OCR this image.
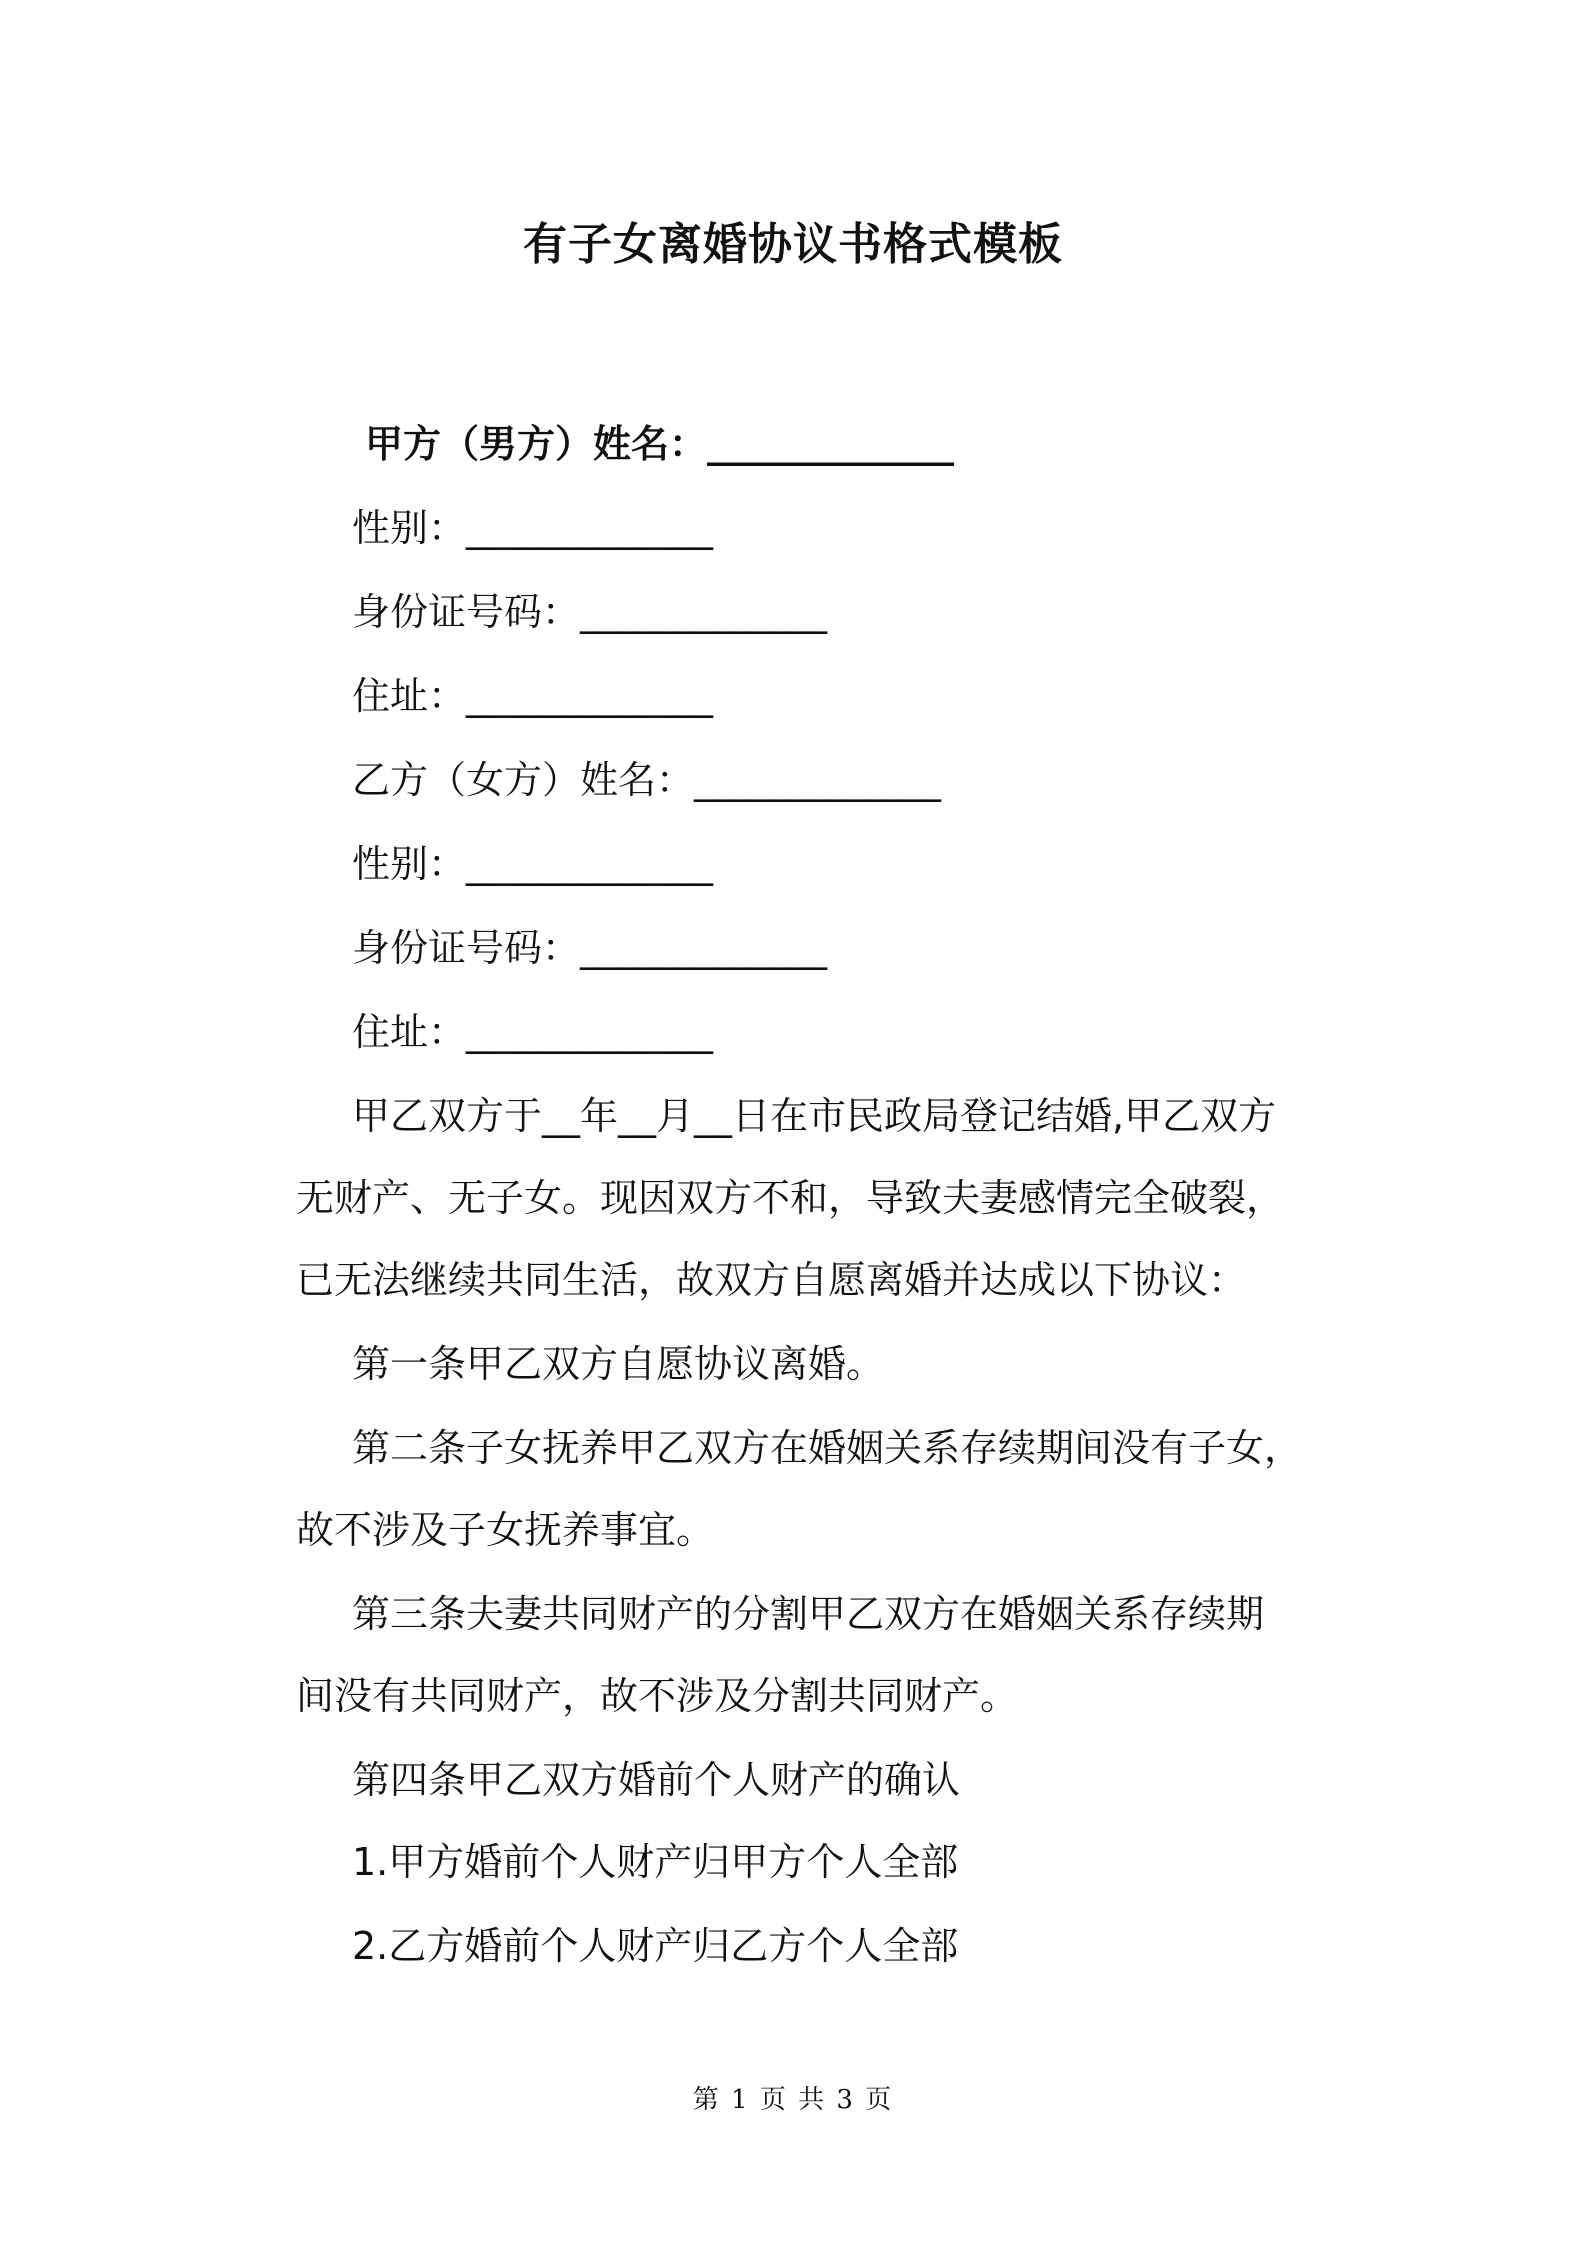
有子女离婚协议书格式模板
甲方（男方）姓名：_____________
性别：_____________
身份证号码：_____________
住址：_____________
乙方（女方）姓名：_____________
性别：_____________
身份证号码：_____________
住址：_____________
甲乙双方于__年__月__日在市民政局登记结婚,甲乙双方
无财产、无子女。现因双方不和，导致夫妻感情完全破裂，
已无法继续共同生活，故双方自愿离婚并达成以下协议：
第一条甲乙双方自愿协议离婚。
第二条子女抚养甲乙双方在婚姻关系存续期间没有子女，
故不涉及子女抚养事宜。
第三条夫妻共同财产的分割甲乙双方在婚姻关系存续期
间没有共同财产，故不涉及分割共同财产。
第四条甲乙双方婚前个人财产的确认
1.甲方婚前个人财产归甲方个人全部
2.乙方婚前个人财产归乙方个人全部
第 1 页 共 3 页
